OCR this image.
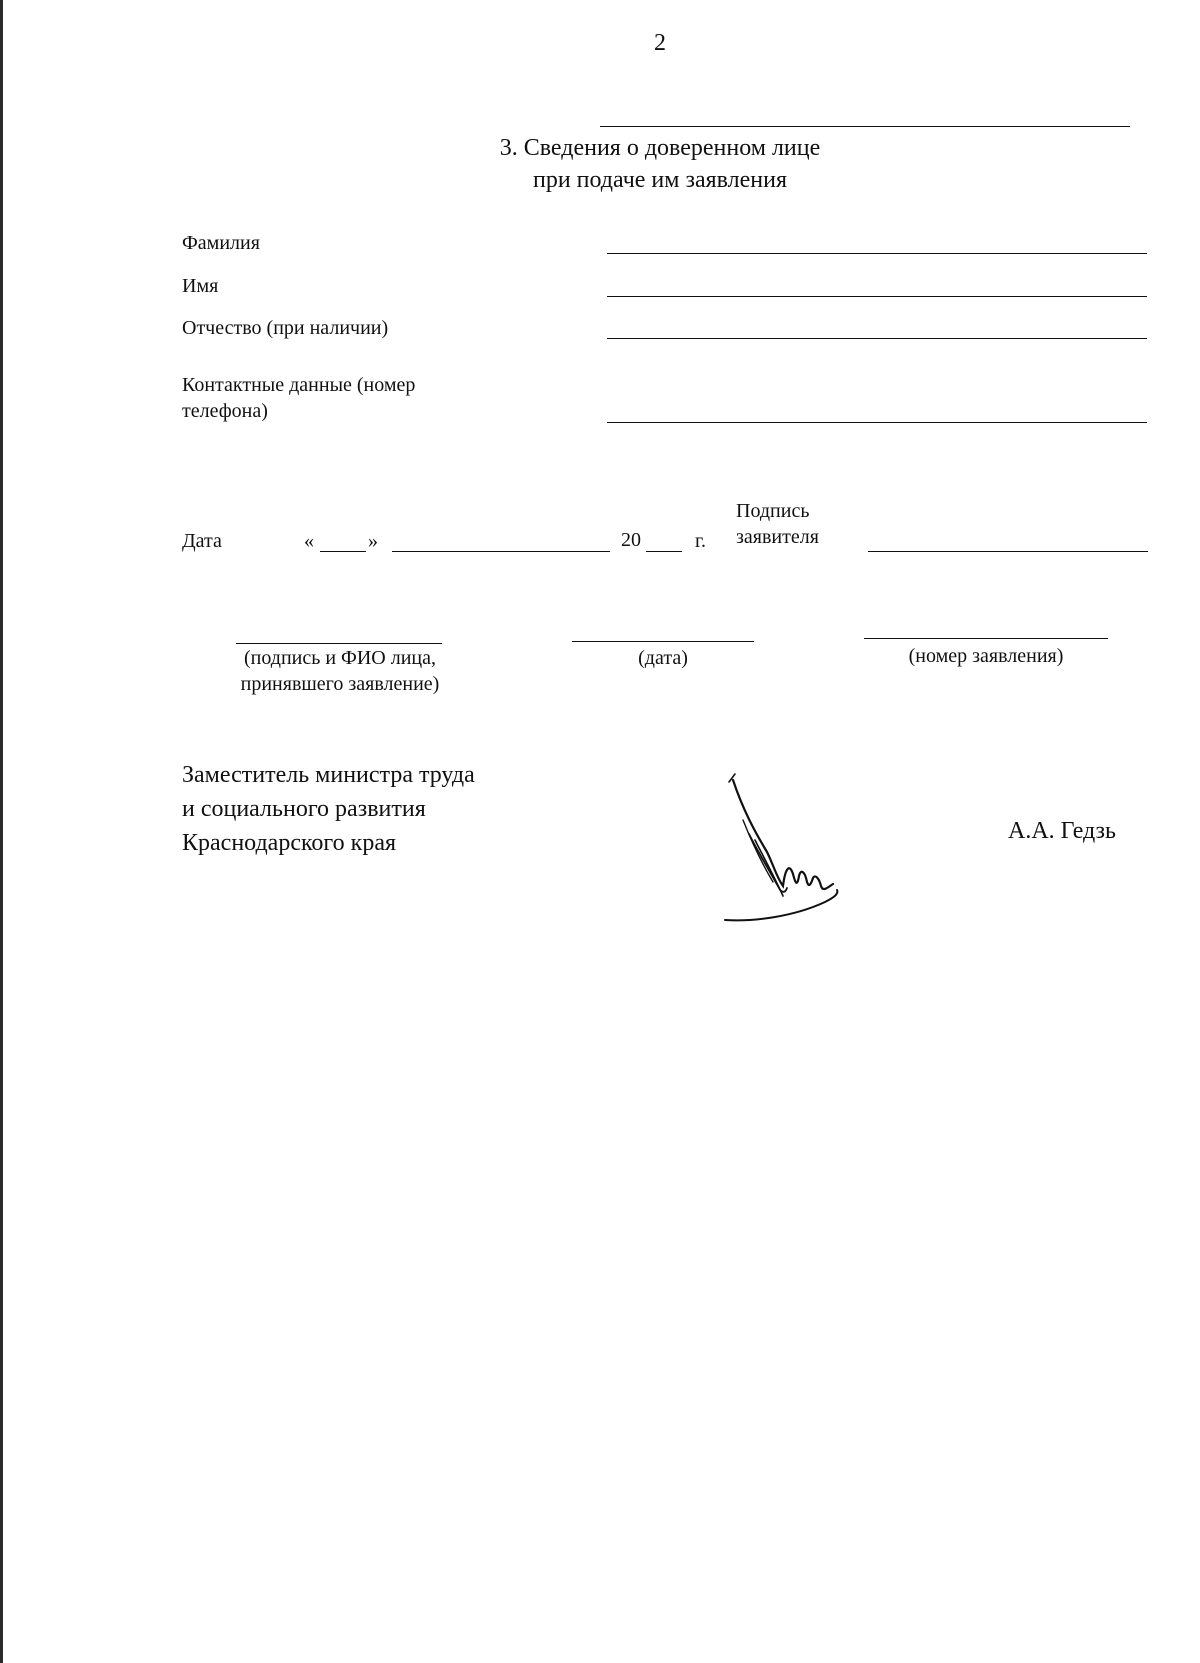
2
3. Сведения о доверенном лице
при подаче им заявления
Фамилия
Имя
Отчество (при наличии)
Контактные данные (номер
телефона)
Дата	«	»	20	г.
Подпись
заявителя
(подпись и ФИО лица,
принявшего заявление)
(дата)	(номер заявления)
Заместитель министра труда
и социального развития
Краснодарского края	А.А. Гедзь
